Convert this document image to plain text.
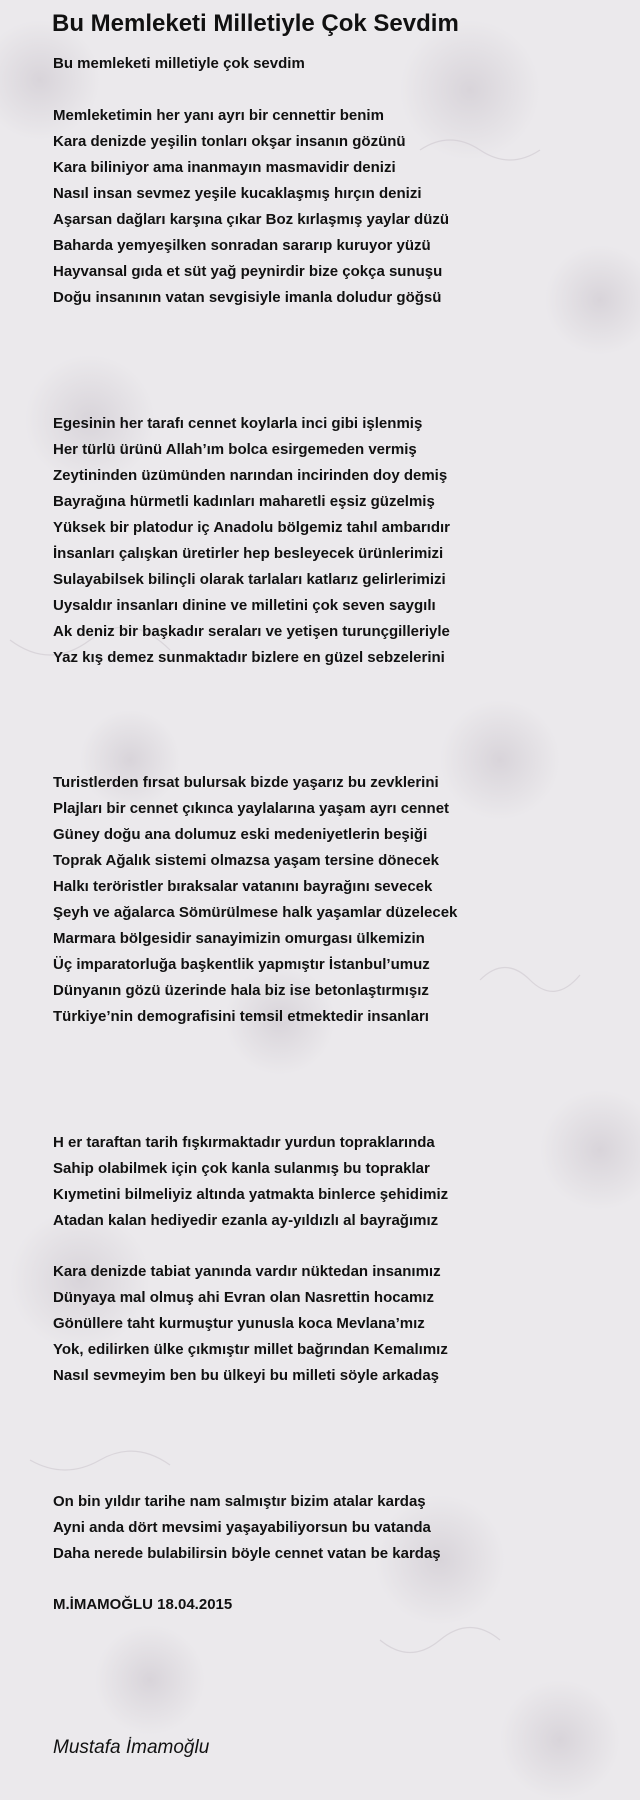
Bu Memleketi Milletiyle Çok Sevdim

Bu memleketi milletiyle çok sevdim

Memleketimin her yanı ayrı bir cennettir benim
Kara denizde yeşilin tonları okşar insanın gözünü
Kara biliniyor ama inanmayın masmavidir denizi
Nasıl insan sevmez yeşile kucaklaşmış hırçın denizi
Aşarsan dağları karşına çıkar Boz kırlaşmış yaylar düzü
Baharda yemyeşilken sonradan sararıp kuruyor yüzü
Hayvansal gıda et süt yağ peynirdir bize çokça sunuşu
Doğu insanının vatan sevgisiyle imanla doludur göğsü
Egesinin her tarafı cennet koylarla inci gibi işlenmiş
Her türlü ürünü Allah’ım bolca esirgemeden vermiş
Zeytininden üzümünden narından incirinden doy demiş
Bayrağına hürmetli kadınları maharetli eşsiz güzelmiş
Yüksek bir platodur iç Anadolu bölgemiz tahıl ambarıdır
İnsanları çalışkan üretirler hep besleyecek ürünlerimizi
Sulayabilsek bilinçli olarak tarlaları katlarız gelirlerimizi
Uysaldır insanları dinine ve milletini çok seven saygılı
Ak deniz bir başkadır seraları ve yetişen turunçgilleriyle
Yaz kış demez sunmaktadır bizlere en güzel sebzelerini
Turistlerden fırsat bulursak bizde yaşarız bu zevklerini
Plajları bir cennet çıkınca yaylalarına yaşam ayrı cennet
Güney doğu ana dolumuz eski medeniyetlerin beşiği
Toprak Ağalık sistemi olmazsa yaşam tersine dönecek
Halkı teröristler bıraksalar vatanını bayrağını sevecek
Şeyh ve ağalarca Sömürülmese halk yaşamlar düzelecek
Marmara bölgesidir sanayimizin omurgası ülkemizin
Üç imparatorluğa başkentlik yapmıştır İstanbul’umuz
Dünyanın gözü üzerinde hala biz ise betonlaştırmışız
Türkiye’nin demografisini temsil etmektedir insanları
H er taraftan tarih fışkırmaktadır yurdun topraklarında
Sahip olabilmek için çok kanla sulanmış bu topraklar
Kıymetini bilmeliyiz altında yatmakta binlerce şehidimiz
Atadan kalan hediyedir ezanla ay-yıldızlı al bayrağımız
Kara denizde tabiat yanında vardır nüktedan insanımız
Dünyaya mal olmuş ahi Evran olan Nasrettin hocamız
Gönüllere taht kurmuştur yunusla koca Mevlana’mız
Yok, edilirken ülke çıkmıştır millet bağrından Kemalımız
Nasıl sevmeyim ben bu ülkeyi bu milleti söyle arkadaş
On bin yıldır tarihe nam salmıştır bizim atalar kardaş
Ayni anda dört mevsimi yaşayabiliyorsun bu vatanda
Daha nerede bulabilirsin böyle cennet vatan be kardaş

M.İMAMOĞLU 18.04.2015

Mustafa İmamoğlu
